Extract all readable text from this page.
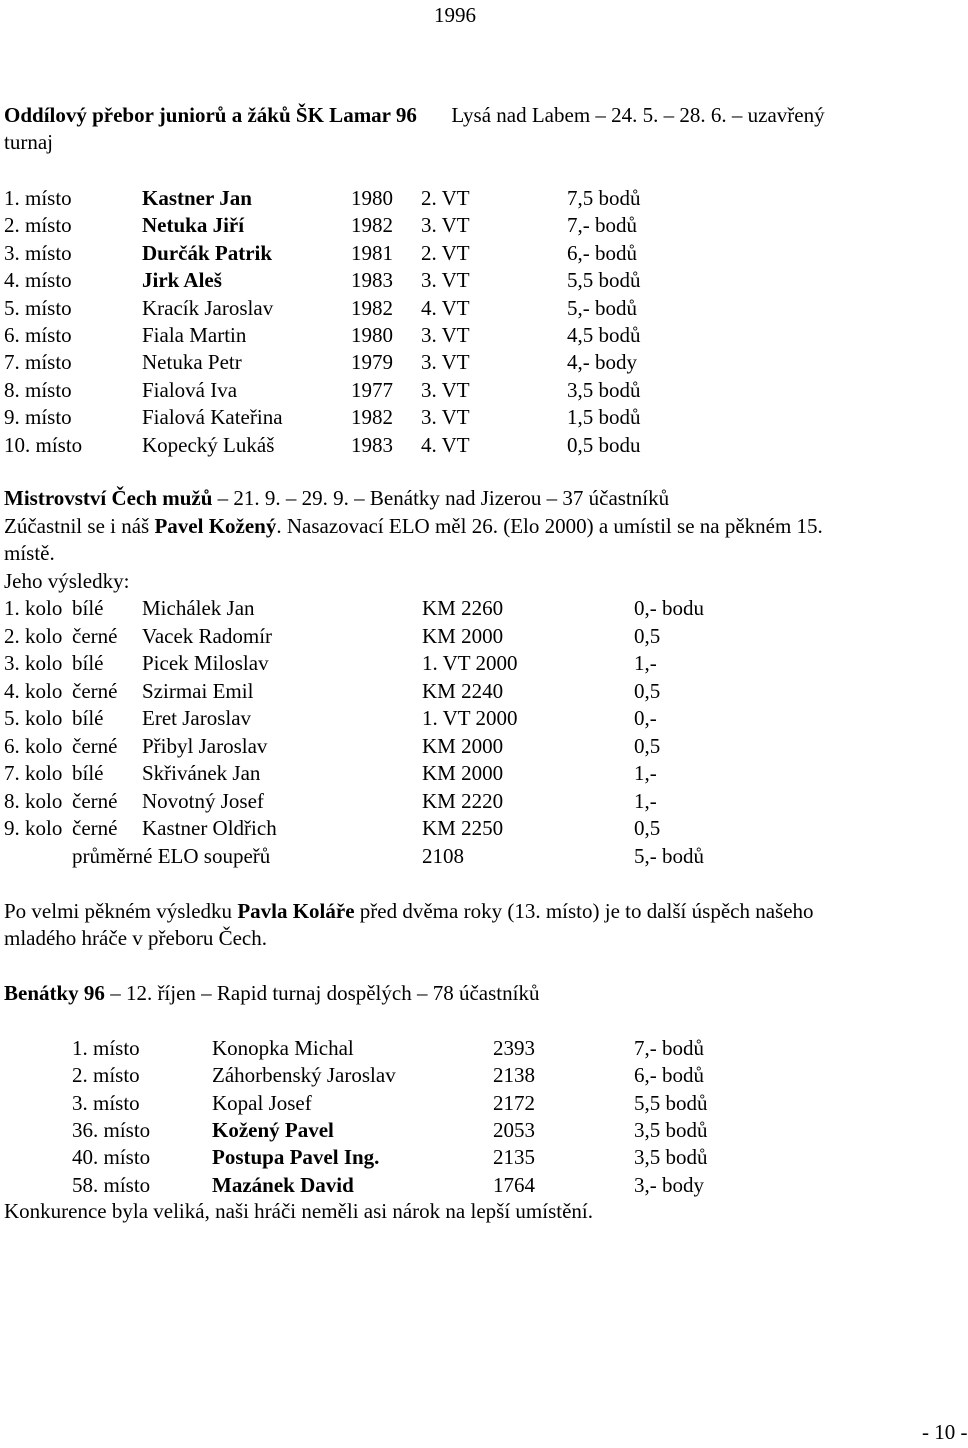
1996
Oddílový přebor juniorů a žáků ŠK Lamar 96 Lysá nad Labem – 24. 5. – 28. 6. – uzavřený
turnaj
1. místo	Kastner Jan	1980 2. VT	7,5 bodů
2. místo	Netuka Jiří	1982 3. VT	7,- bodů
3. místo	Durčák Patrik	1981 2. VT	6,- bodů
4. místo	Jirk Aleš	1983 3. VT	5,5 bodů
5. místo	Kracík Jaroslav	1982 4. VT	5,- bodů
6. místo	Fiala Martin	1980 3. VT	4,5 bodů
7. místo	Netuka Petr	1979 3. VT	4,- body
8. místo	Fialová Iva	1977 3. VT	3,5 bodů
9. místo	Fialová Kateřina	1982 3. VT	1,5 bodů
10. místo	Kopecký Lukáš	1983 4. VT	0,5 bodu
Mistrovství Čech mužů – 21. 9. – 29. 9. – Benátky nad Jizerou – 37 účastníků
Zúčastnil se i náš Pavel Kožený. Nasazovací ELO měl 26. (Elo 2000) a umístil se na pěkném 15.
místě.
Jeho výsledky:
1. kolo bílé Michálek Jan	KM 2260	0,- bodu
2. kolo černé Vacek Radomír	KM 2000	0,5
3. kolo bílé Picek Miloslav	1. VT 2000	1,-
4. kolo černé Szirmai Emil	KM 2240	0,5
5. kolo bílé Eret Jaroslav	1. VT 2000	0,-
6. kolo černé Přibyl Jaroslav	KM 2000	0,5
7. kolo bílé Skřivánek Jan	KM 2000	1,-
8. kolo černé Novotný Josef	KM 2220	1,-
9. kolo černé Kastner Oldřich	KM 2250	0,5
průměrné ELO soupeřů	2108	5,- bodů
Po velmi pěkném výsledku Pavla Koláře před dvěma roky (13. místo) je to další úspěch našeho
mladého hráče v přeboru Čech.
Benátky 96 – 12. říjen – Rapid turnaj dospělých – 78 účastníků
1. místo	Konopka Michal	2393	7,- bodů
2. místo	Záhorbenský Jaroslav	2138	6,- bodů
3. místo	Kopal Josef	2172	5,5 bodů
36. místo	Kožený Pavel	2053	3,5 bodů
40. místo	Postupa Pavel Ing.	2135	3,5 bodů
58. místo	Mazánek David	1764	3,- body
Konkurence byla veliká, naši hráči neměli asi nárok na lepší umístění.
- 10 -
